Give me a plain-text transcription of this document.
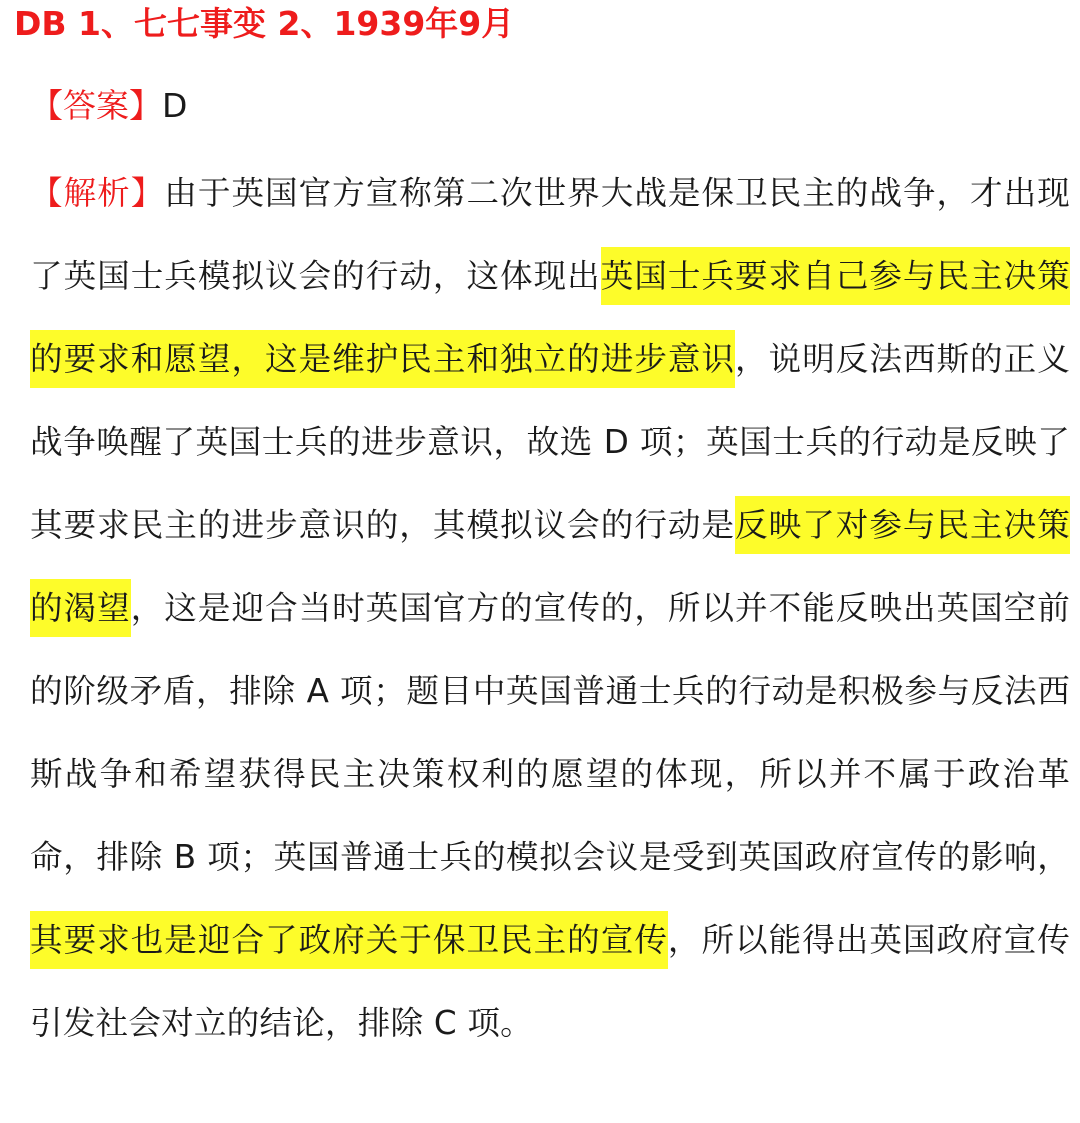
DB 1、七七事变 2、1939年9月
【答案】D
【解析】由于英国官方宣称第二次世界大战是保卫民主的战争，才出现了英国士兵模拟议会的行动，这体现出英国士兵要求自己参与民主决策的要求和愿望，这是维护民主和独立的进步意识，说明反法西斯的正义战争唤醒了英国士兵的进步意识，故选 D 项；英国士兵的行动是反映了其要求民主的进步意识的，其模拟议会的行动是反映了对参与民主决策的渴望，这是迎合当时英国官方的宣传的，所以并不能反映出英国空前的阶级矛盾，排除 A 项；题目中英国普通士兵的行动是积极参与反法西斯战争和希望获得民主决策权利的愿望的体现，所以并不属于政治革命，排除 B 项；英国普通士兵的模拟会议是受到英国政府宣传的影响，其要求也是迎合了政府关于保卫民主的宣传，所以能得出英国政府宣传引发社会对立的结论，排除 C 项。
